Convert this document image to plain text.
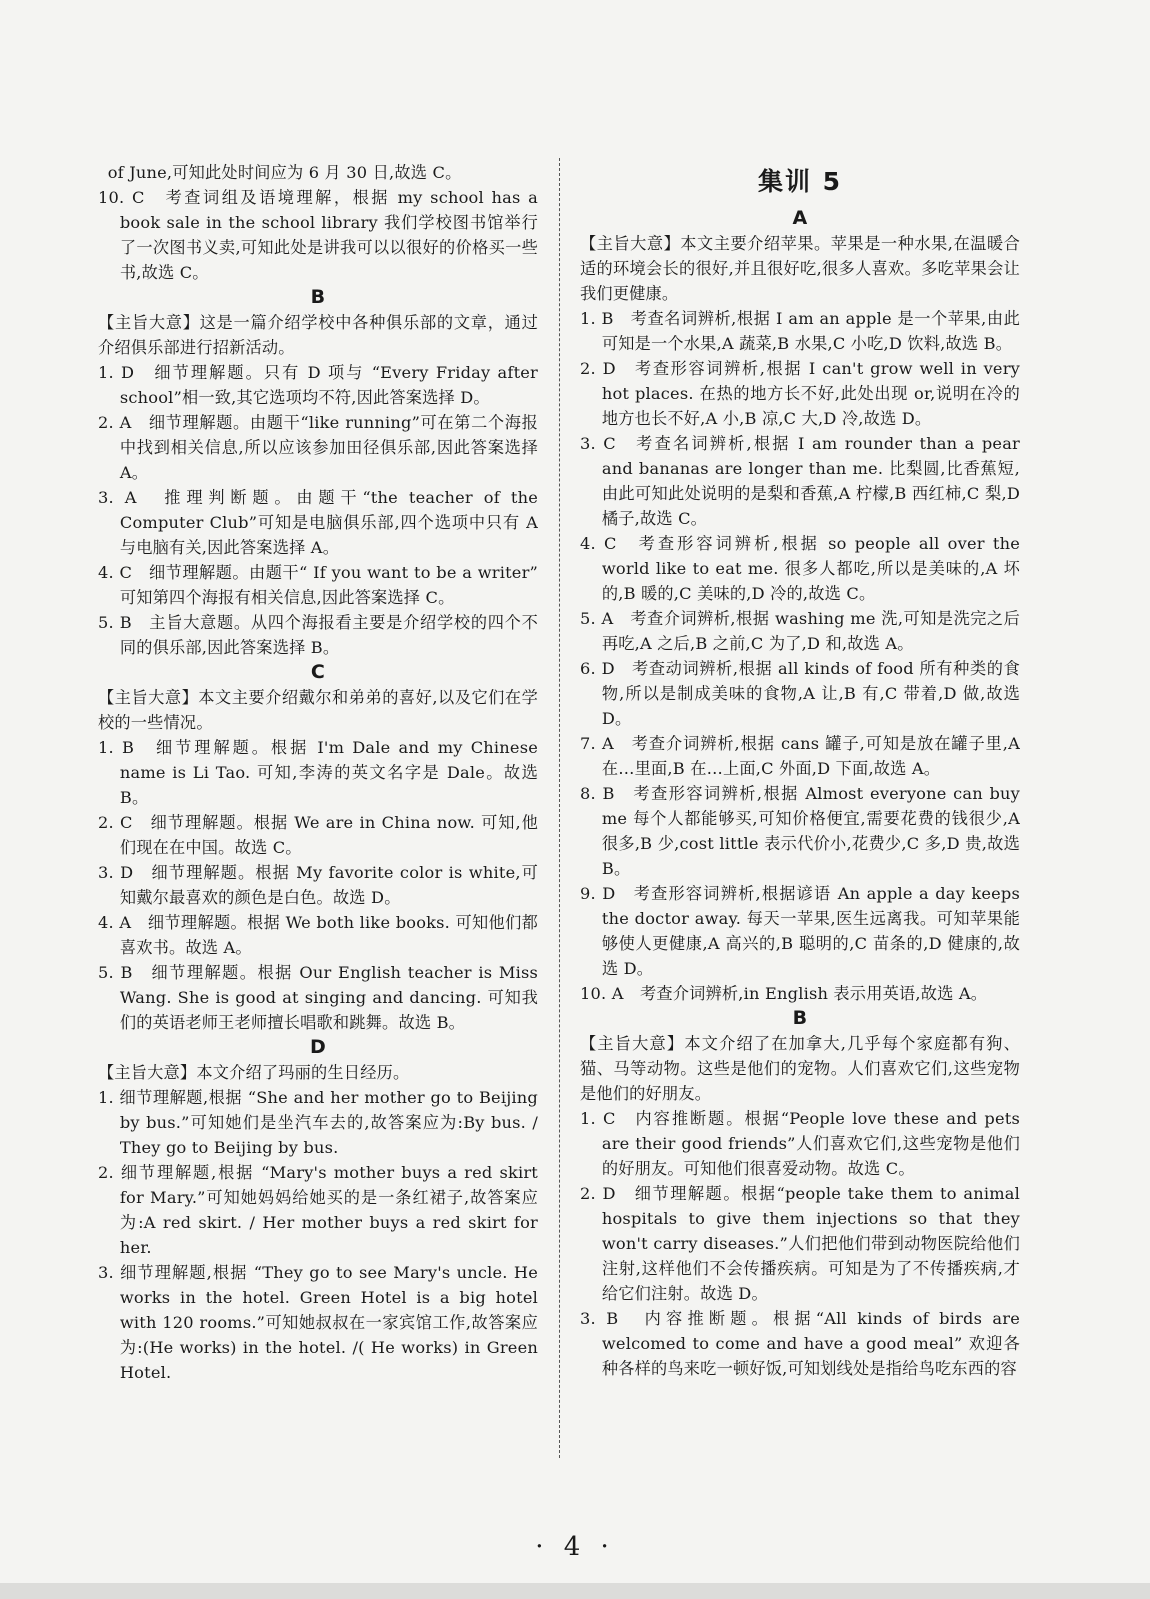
of June,可知此处时间应为 6 月 30 日,故选 C。

10. C　考查词组及语境理解，根据 my school has a book sale in the school library 我们学校图书馆举行了一次图书义卖,可知此处是讲我可以以很好的价格买一些书,故选 C。

B

【主旨大意】这是一篇介绍学校中各种俱乐部的文章，通过介绍俱乐部进行招新活动。

1. D　细节理解题。只有 D 项与 “Every Friday after school”相一致,其它选项均不符,因此答案选择 D。

2. A　细节理解题。由题干“like running”可在第二个海报中找到相关信息,所以应该参加田径俱乐部,因此答案选择 A。

3. A　推理判断题。由题干“the teacher of the Computer Club”可知是电脑俱乐部,四个选项中只有 A 与电脑有关,因此答案选择 A。

4. C　细节理解题。由题干“ If you want to be a writer” 可知第四个海报有相关信息,因此答案选择 C。

5. B　主旨大意题。从四个海报看主要是介绍学校的四个不同的俱乐部,因此答案选择 B。

C

【主旨大意】本文主要介绍戴尔和弟弟的喜好,以及它们在学校的一些情况。

1. B　细节理解题。根据 I'm Dale and my Chinese name is Li Tao. 可知,李涛的英文名字是 Dale。故选 B。

2. C　细节理解题。根据 We are in China now. 可知,他们现在在中国。故选 C。

3. D　细节理解题。根据 My favorite color is white,可知戴尔最喜欢的颜色是白色。故选 D。

4. A　细节理解题。根据 We both like books. 可知他们都喜欢书。故选 A。

5. B　细节理解题。根据 Our English teacher is Miss Wang. She is good at singing and dancing. 可知我们的英语老师王老师擅长唱歌和跳舞。故选 B。

D

【主旨大意】本文介绍了玛丽的生日经历。

1. 细节理解题,根据 “She and her mother go to Beijing by bus.”可知她们是坐汽车去的,故答案应为:By bus. / They go to Beijing by bus.

2. 细节理解题,根据 “Mary's mother buys a red skirt for Mary.”可知她妈妈给她买的是一条红裙子,故答案应为:A red skirt. / Her mother buys a red skirt for her.

3. 细节理解题,根据 “They go to see Mary's uncle. He works in the hotel. Green Hotel is a big hotel with 120 rooms.”可知她叔叔在一家宾馆工作,故答案应为:(He works) in the hotel. /( He works) in Green Hotel.

集训 5

A

【主旨大意】本文主要介绍苹果。苹果是一种水果,在温暖合适的环境会长的很好,并且很好吃,很多人喜欢。多吃苹果会让我们更健康。

1. B　考查名词辨析,根据 I am an apple 是一个苹果,由此可知是一个水果,A 蔬菜,B 水果,C 小吃,D 饮料,故选 B。

2. D　考查形容词辨析,根据 I can't grow well in very hot places. 在热的地方长不好,此处出现 or,说明在冷的地方也长不好,A 小,B 凉,C 大,D 冷,故选 D。

3. C　考查名词辨析,根据 I am rounder than a pear and bananas are longer than me. 比梨圆,比香蕉短,由此可知此处说明的是梨和香蕉,A 柠檬,B 西红柿,C 梨,D 橘子,故选 C。

4. C　考查形容词辨析,根据 so people all over the world like to eat me. 很多人都吃,所以是美味的,A 坏的,B 暖的,C 美味的,D 冷的,故选 C。

5. A　考查介词辨析,根据 washing me 洗,可知是洗完之后再吃,A 之后,B 之前,C 为了,D 和,故选 A。

6. D　考查动词辨析,根据 all kinds of food 所有种类的食物,所以是制成美味的食物,A 让,B 有,C 带着,D 做,故选 D。

7. A　考查介词辨析,根据 cans 罐子,可知是放在罐子里,A 在…里面,B 在…上面,C 外面,D 下面,故选 A。

8. B　考查形容词辨析,根据 Almost everyone can buy me 每个人都能够买,可知价格便宜,需要花费的钱很少,A 很多,B 少,cost little 表示代价小,花费少,C 多,D 贵,故选 B。

9. D　考查形容词辨析,根据谚语 An apple a day keeps the doctor away. 每天一苹果,医生远离我。可知苹果能够使人更健康,A 高兴的,B 聪明的,C 苗条的,D 健康的,故选 D。

10. A　考查介词辨析,in English 表示用英语,故选 A。

B

【主旨大意】本文介绍了在加拿大,几乎每个家庭都有狗、猫、马等动物。这些是他们的宠物。人们喜欢它们,这些宠物是他们的好朋友。

1. C　内容推断题。根据“People love these and pets are their good friends”人们喜欢它们,这些宠物是他们的好朋友。可知他们很喜爱动物。故选 C。

2. D　细节理解题。根据“people take them to animal hospitals to give them injections so that they won't carry diseases.”人们把他们带到动物医院给他们注射,这样他们不会传播疾病。可知是为了不传播疾病,才给它们注射。故选 D。

3. B　内容推断题。根据“All kinds of birds are welcomed to come and have a good meal” 欢迎各种各样的鸟来吃一顿好饭,可知划线处是指给鸟吃东西的容

· 4 ·
